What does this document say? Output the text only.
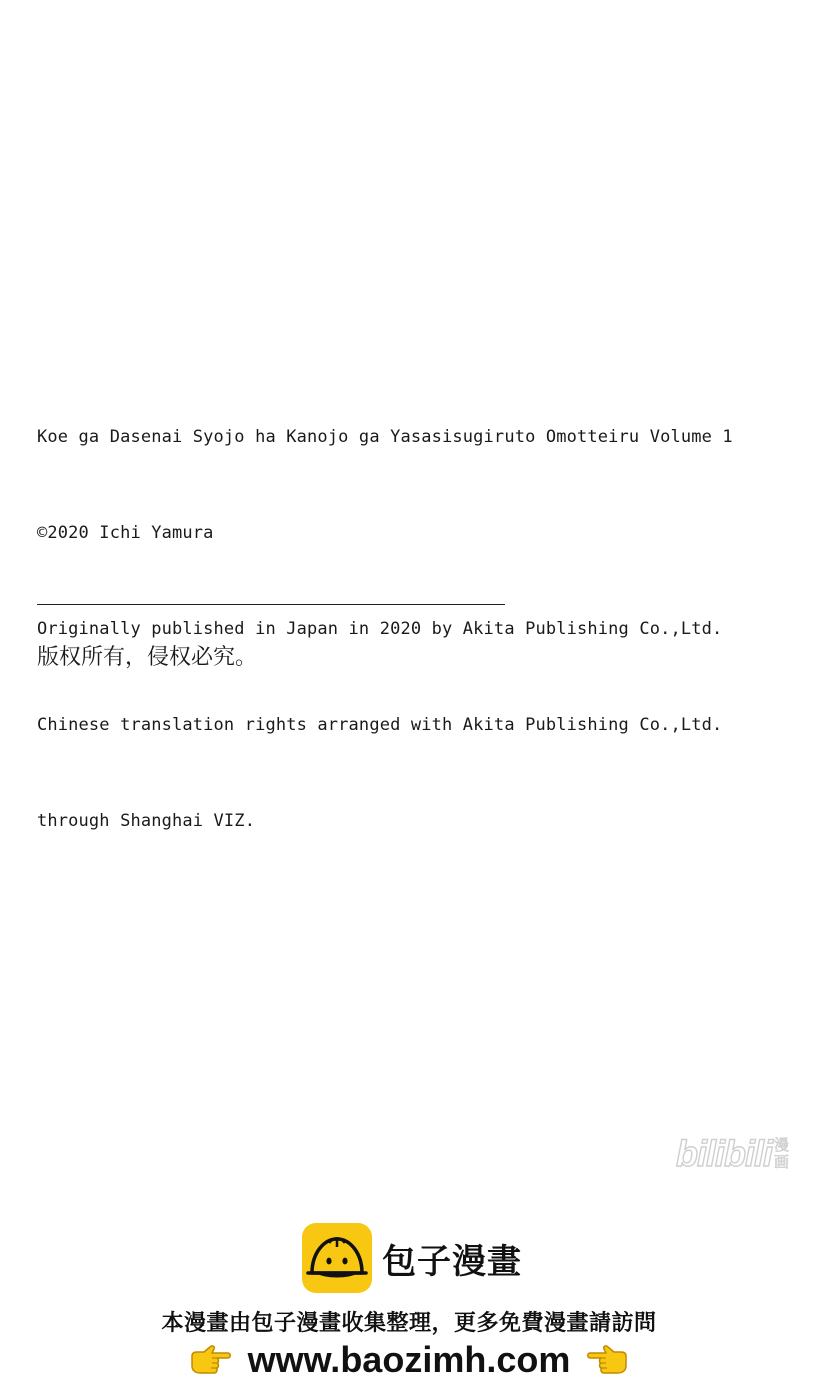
Koe ga Dasenai Syojo ha Kanojo ga Yasasisugiruto Omotteiru Volume 1

©2020 Ichi Yamura

Originally published in Japan in 2020 by Akita Publishing Co.,Ltd.

Chinese translation rights arranged with Akita Publishing Co.,Ltd.

through Shanghai VIZ.

版权所有，侵权必究。
bilibili 漫
画
包子漫畫
本漫畫由包子漫畫收集整理，更多免費漫畫請訪問
www.baozimh.com
